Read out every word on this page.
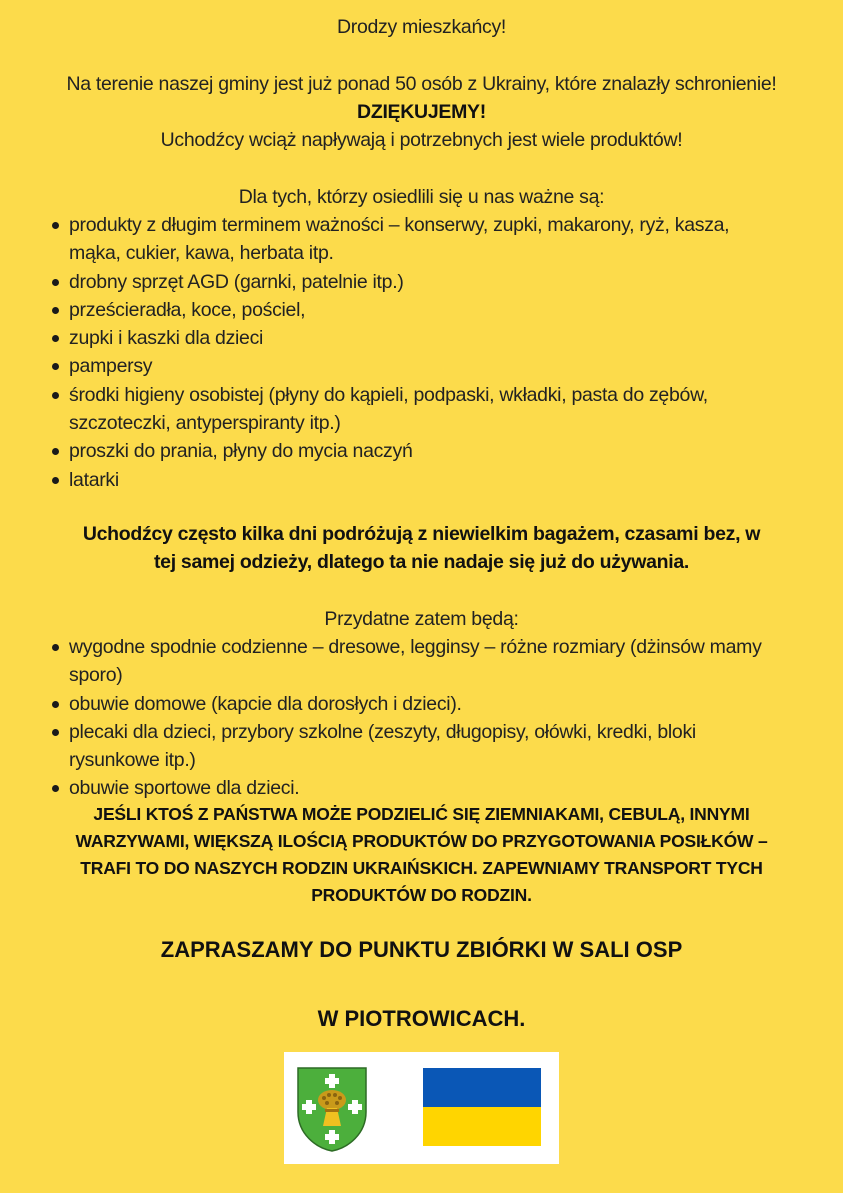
Drodzy mieszkańcy!
Na terenie naszej gminy jest już ponad 50 osób z Ukrainy, które znalazły schronienie!
DZIĘKUJEMY!
Uchodźcy wciąż napływają i potrzebnych jest wiele produktów!
Dla tych, którzy osiedlili się u nas ważne są:
produkty z długim terminem ważności – konserwy, zupki, makarony, ryż, kasza,
mąka, cukier, kawa, herbata itp.
drobny sprzęt AGD (garnki, patelnie itp.)
prześcieradła, koce, pościel,
zupki i kaszki dla dzieci
pampersy
środki higieny osobistej (płyny do kąpieli, podpaski, wkładki, pasta do zębów,
szczoteczki, antyperspiranty itp.)
proszki do prania, płyny do mycia naczyń
latarki
Uchodźcy często kilka dni podróżują z niewielkim bagażem, czasami bez, w
tej samej odzieży, dlatego ta nie nadaje się już do używania.
Przydatne zatem będą:
wygodne spodnie codzienne – dresowe, legginsy – różne rozmiary (dżinsów mamy
sporo)
obuwie domowe (kapcie dla dorosłych i dzieci).
plecaki dla dzieci, przybory szkolne (zeszyty, długopisy, ołówki, kredki, bloki
rysunkowe itp.)
obuwie sportowe dla dzieci.
JEŚLI KTOŚ Z PAŃSTWA MOŻE PODZIELIĆ SIĘ ZIEMNIAKAMI, CEBULĄ, INNYMI
WARZYWAMI, WIĘKSZĄ ILOŚCIĄ PRODUKTÓW DO PRZYGOTOWANIA POSIŁKÓW –
TRAFI TO DO NASZYCH RODZIN UKRAIŃSKICH. ZAPEWNIAMY TRANSPORT TYCH
PRODUKTÓW DO RODZIN.
ZAPRASZAMY DO PUNKTU ZBIÓRKI W SALI OSP
W PIOTROWICACH.
